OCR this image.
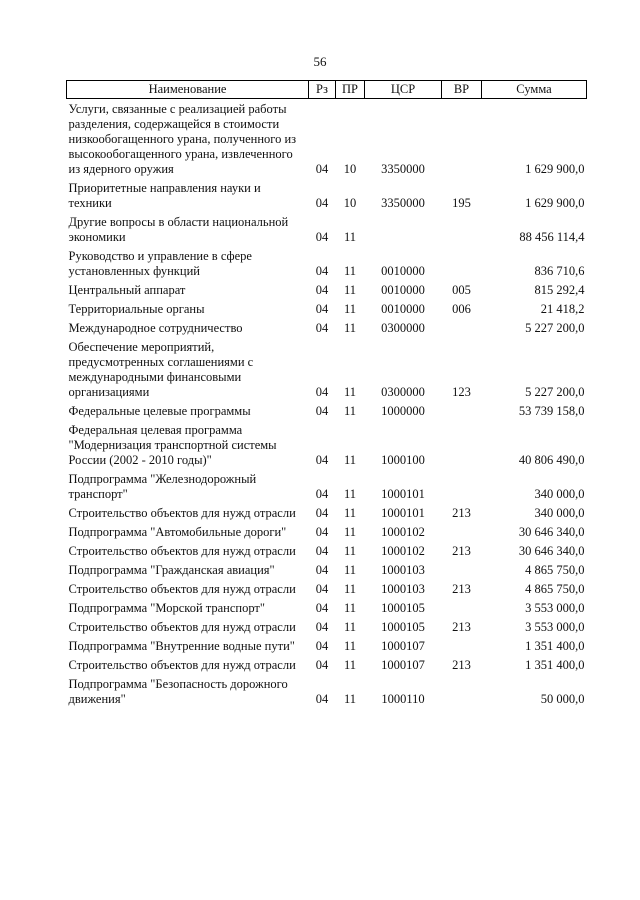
56
Наименование	Рз	ПР	ЦСР	ВР	Сумма
Услуги, связанные с реализацией работы разделения, содержащейся в стоимости низкообогащенного урана, полученного из высокообогащенного урана, извлеченного из ядерного оружия	04	10	3350000		1 629 900,0
Приоритетные направления науки и техники	04	10	3350000	195	1 629 900,0
Другие вопросы в области национальной экономики	04	11			88 456 114,4
Руководство и управление в сфере установленных функций	04	11	0010000		836 710,6
Центральный аппарат	04	11	0010000	005	815 292,4
Территориальные органы	04	11	0010000	006	21 418,2
Международное сотрудничество	04	11	0300000		5 227 200,0
Обеспечение мероприятий, предусмотренных соглашениями с международными финансовыми организациями	04	11	0300000	123	5 227 200,0
Федеральные целевые программы	04	11	1000000		53 739 158,0
Федеральная целевая программа "Модернизация транспортной системы России (2002 - 2010 годы)"	04	11	1000100		40 806 490,0
Подпрограмма "Железнодорожный транспорт"	04	11	1000101		340 000,0
Строительство объектов для нужд отрасли	04	11	1000101	213	340 000,0
Подпрограмма "Автомобильные дороги"	04	11	1000102		30 646 340,0
Строительство объектов для нужд отрасли	04	11	1000102	213	30 646 340,0
Подпрограмма "Гражданская авиация"	04	11	1000103		4 865 750,0
Строительство объектов для нужд отрасли	04	11	1000103	213	4 865 750,0
Подпрограмма "Морской транспорт"	04	11	1000105		3 553 000,0
Строительство объектов для нужд отрасли	04	11	1000105	213	3 553 000,0
Подпрограмма "Внутренние водные пути"	04	11	1000107		1 351 400,0
Строительство объектов для нужд отрасли	04	11	1000107	213	1 351 400,0
Подпрограмма "Безопасность дорожного движения"	04	11	1000110		50 000,0
